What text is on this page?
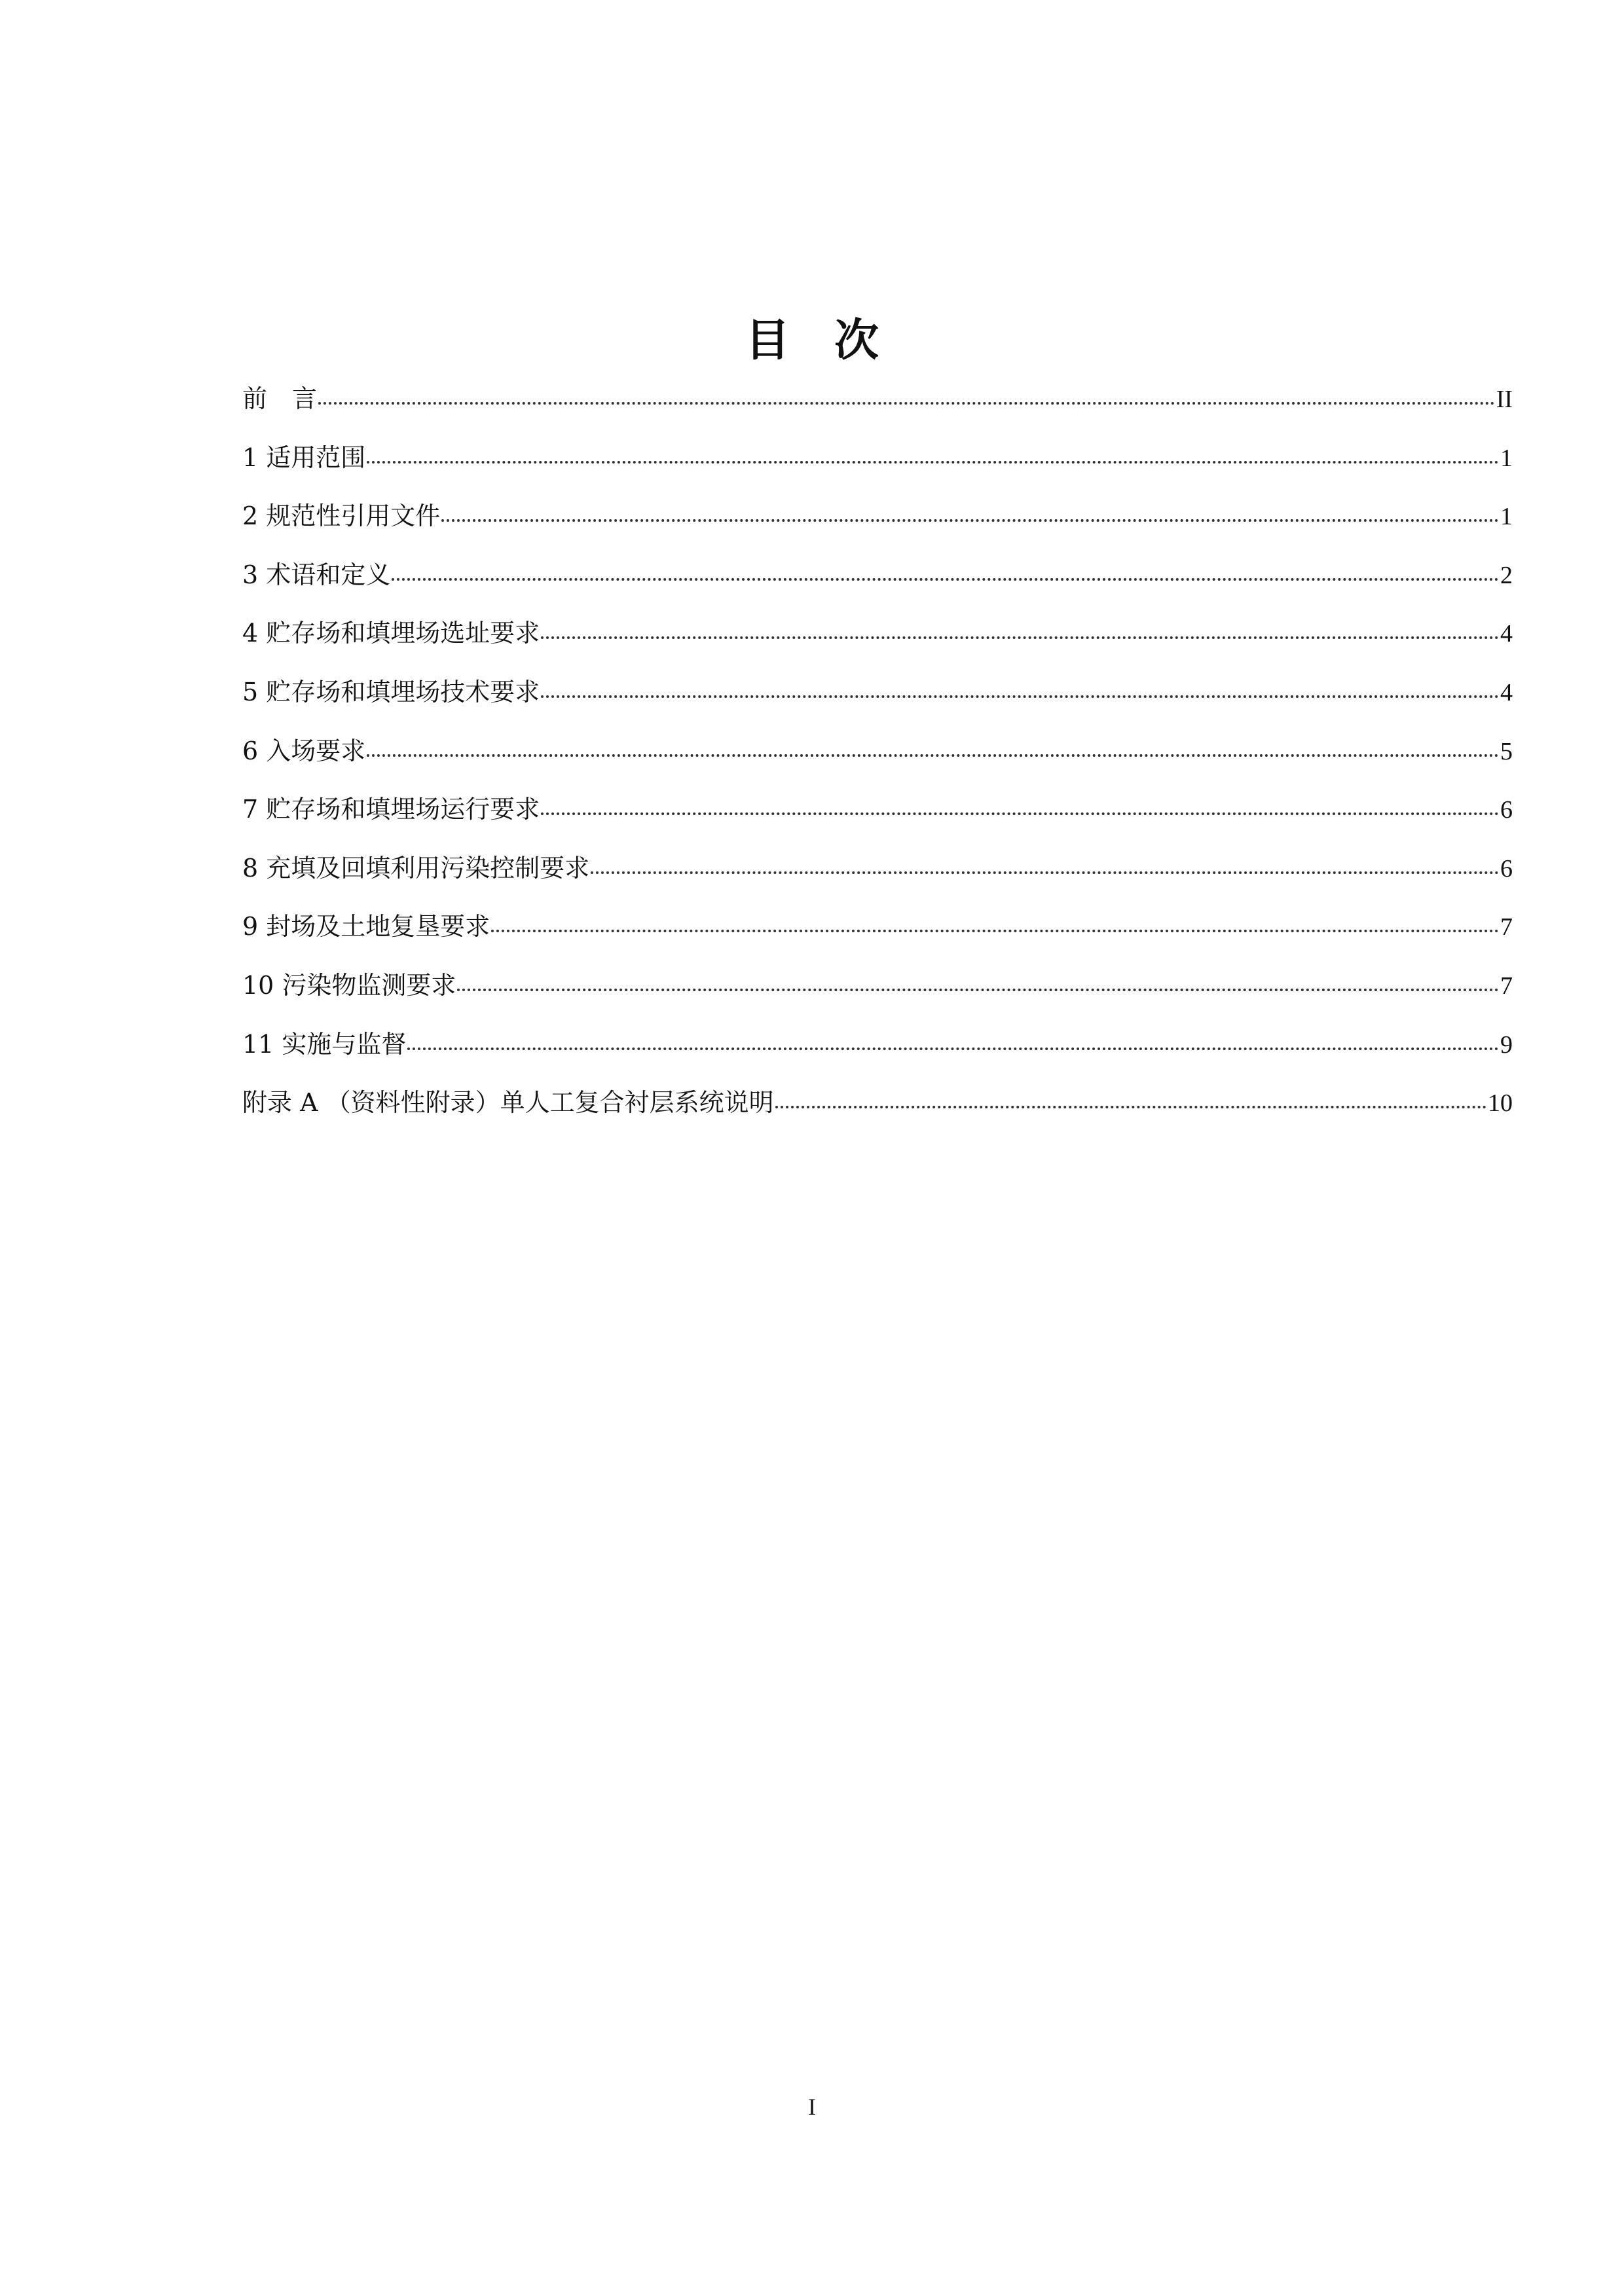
目　次
前　言	II
1 适用范围	1
2 规范性引用文件	1
3 术语和定义	2
4 贮存场和填埋场选址要求	4
5 贮存场和填埋场技术要求	4
6 入场要求	5
7 贮存场和填埋场运行要求	6
8 充填及回填利用污染控制要求	6
9 封场及土地复垦要求	7
10 污染物监测要求	7
11 实施与监督	9
附录 A （资料性附录）单人工复合衬层系统说明	10
I
